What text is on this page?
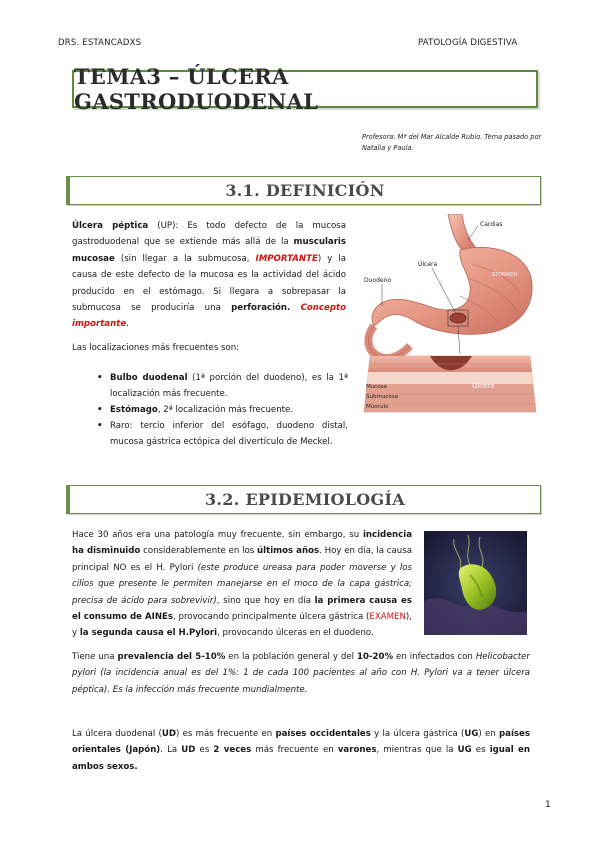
DRS. ESTANCADXS	PATOLOGÍA DIGESTIVA
TEMA3 – ÚLCERA GASTRODUODENAL
Profesora: Mª del Mar Alcalde Rubio. Tema pasado por Natalia y Paula.
3.1. DEFINICIÓN
Úlcera péptica (UP): Es todo defecto de la mucosa gastroduodenal que se extiende más allá de la muscularis mucosae (sin llegar a la submucosa, IMPORTANTE) y la causa de este defecto de la mucosa es la actividad del ácido producido en el estómago. Si llegara a sobrepasar la submucosa se produciría una perforación. Concepto importante.
Las localizaciones más frecuentes son:
• Bulbo duodenal (1ª porción del duodeno), es la 1ª localización más frecuente.
• Estómago, 2ª localización más frecuente.
• Raro: tercio inferior del esófago, duodeno distal, mucosa gástrica ectópica del divertículo de Meckel.
Cardias
Úlcera
STOMACH
Duodeno
Úlcera
Mucosa
Submucosa
Músculo
3.2. EPIDEMIOLOGÍA
Hace 30 años era una patología muy frecuente, sin embargo, su incidencia ha disminuido considerablemente en los últimos años. Hoy en día, la causa principal NO es el H. Pylori (este produce ureasa para poder moverse y los cilios que presente le permiten manejarse en el moco de la capa gástrica; precisa de ácido para sobrevivir), sino que hoy en día la primera causa es el consumo de AINEs, provocando principalmente úlcera gástrica (EXAMEN), y la segunda causa el H.Pylori, provocando úlceras en el duodeno.
Tiene una prevalencia del 5-10% en la población general y del 10-20% en infectados con Helicobacter pylori (la incidencia anual es del 1%: 1 de cada 100 pacientes al año con H. Pylori va a tener úlcera péptica). Es la infección más frecuente mundialmente.
La úlcera duodenal (UD) es más frecuente en países occidentales y la úlcera gástrica (UG) en países orientales (Japón). La UD es 2 veces más frecuente en varones, mientras que la UG es igual en ambos sexos.
1
